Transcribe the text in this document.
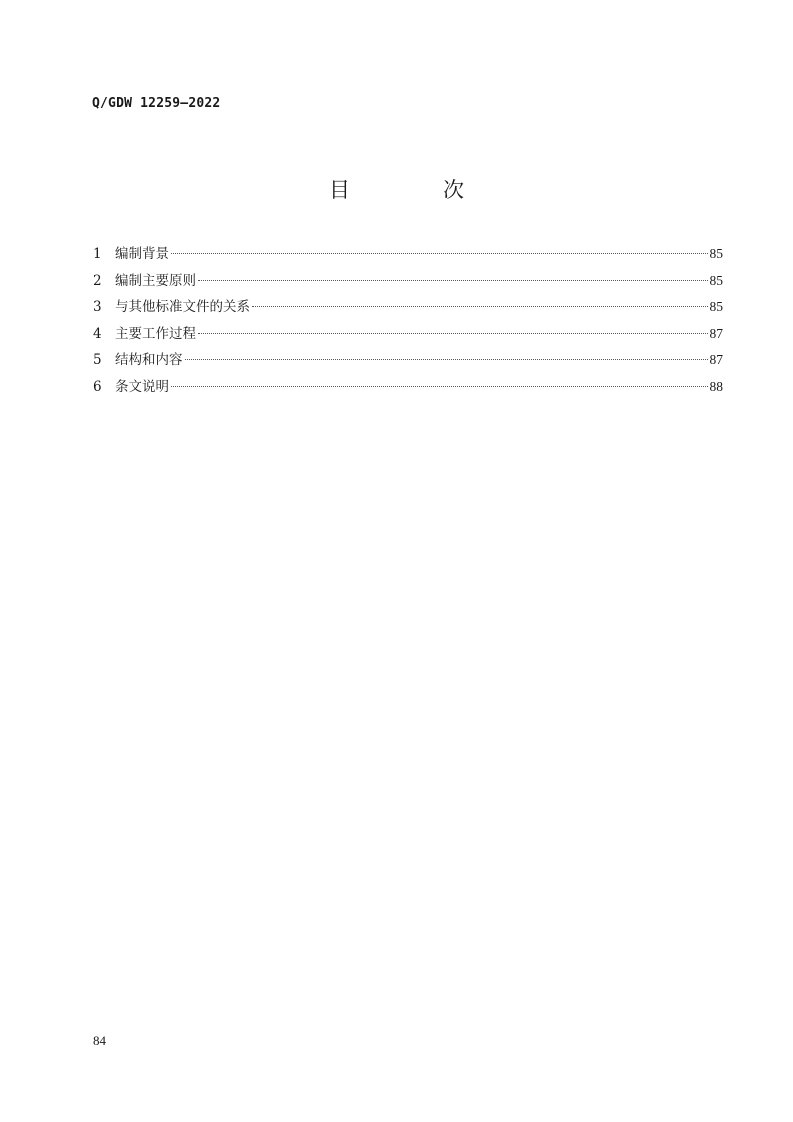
Q/GDW 12259—2022
目　次
1 编制背景	85
2 编制主要原则	85
3 与其他标准文件的关系	85
4 主要工作过程	87
5 结构和内容	87
6 条文说明	88
84
